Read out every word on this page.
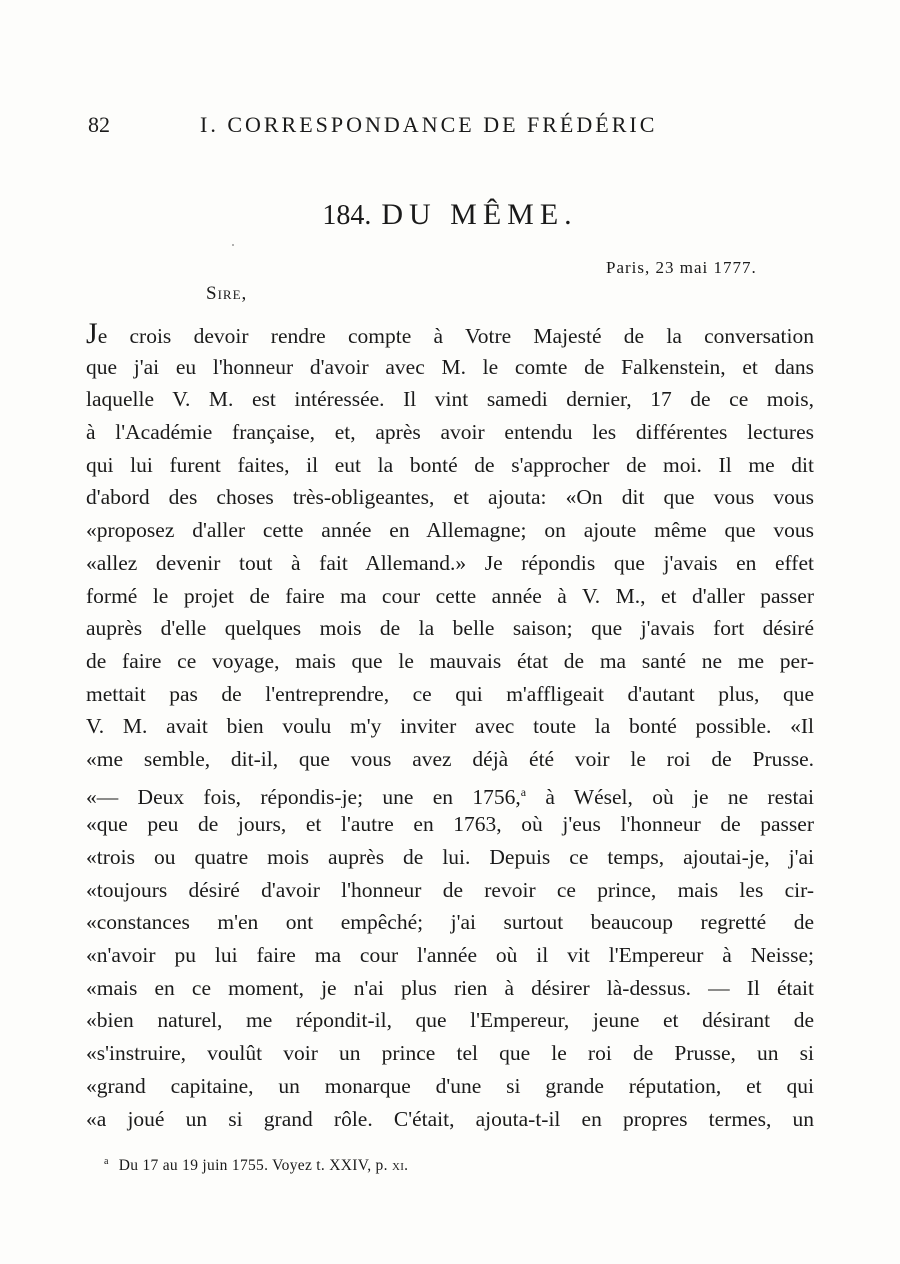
82	I. CORRESPONDANCE DE FRÉDÉRIC
184. DU MÊME.
Paris, 23 mai 1777.
Sire,
Je crois devoir rendre compte à Votre Majesté de la conversation
que j'ai eu l'honneur d'avoir avec M. le comte de Falkenstein, et dans
laquelle V. M. est intéressée. Il vint samedi dernier, 17 de ce mois,
à l'Académie française, et, après avoir entendu les différentes lectures
qui lui furent faites, il eut la bonté de s'approcher de moi. Il me dit
d'abord des choses très-obligeantes, et ajouta: «On dit que vous vous
«proposez d'aller cette année en Allemagne; on ajoute même que vous
«allez devenir tout à fait Allemand.» Je répondis que j'avais en effet
formé le projet de faire ma cour cette année à V. M., et d'aller passer
auprès d'elle quelques mois de la belle saison; que j'avais fort désiré
de faire ce voyage, mais que le mauvais état de ma santé ne me per-
mettait pas de l'entreprendre, ce qui m'affligeait d'autant plus, que
V. M. avait bien voulu m'y inviter avec toute la bonté possible. «Il
«me semble, dit-il, que vous avez déjà été voir le roi de Prusse.
«— Deux fois, répondis-je; une en 1756,$^a$ à Wésel, où je ne restai
«que peu de jours, et l'autre en 1763, où j'eus l'honneur de passer
«trois ou quatre mois auprès de lui. Depuis ce temps, ajoutai-je, j'ai
«toujours désiré d'avoir l'honneur de revoir ce prince, mais les cir-
«constances m'en ont empêché; j'ai surtout beaucoup regretté de
«n'avoir pu lui faire ma cour l'année où il vit l'Empereur à Neisse;
«mais en ce moment, je n'ai plus rien à désirer là-dessus. — Il était
«bien naturel, me répondit-il, que l'Empereur, jeune et désirant de
«s'instruire, voulût voir un prince tel que le roi de Prusse, un si
«grand capitaine, un monarque d'une si grande réputation, et qui
«a joué un si grand rôle. C'était, ajouta-t-il en propres termes, un
$^a$ Du 17 au 19 juin 1755. Voyez t. XXIV, p. xi.
